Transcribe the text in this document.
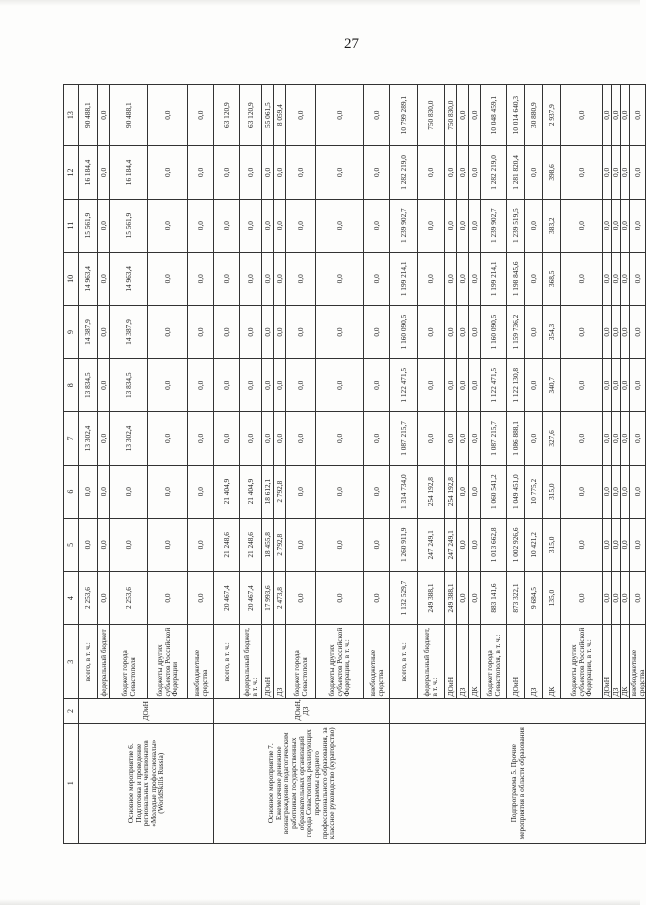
27
1	2	3	4	5	6	7	8	9	10	11	12	13
Основное мероприятие 6. Подготовка и проведение региональных чемпионатов «Молодые профессионалы» (WorldSkills Russia)	ДОиН	всего, в т. ч.:	2 253,6	0,0	0,0	13 302,4	13 834,5	14 387,9	14 963,4	15 561,9	16 184,4	90 488,1
		федеральный бюджет	0,0	0,0	0,0	0,0	0,0	0,0	0,0	0,0	0,0	0,0
		бюджет города Севастополя	2 253,6	0,0	0,0	13 302,4	13 834,5	14 387,9	14 963,4	15 561,9	16 184,4	90 488,1
		бюджеты других субъектов Российской Федерации	0,0	0,0	0,0	0,0	0,0	0,0	0,0	0,0	0,0	0,0
		внебюджетные средства	0,0	0,0	0,0	0,0	0,0	0,0	0,0	0,0	0,0	0,0
Основное мероприятие 7. Ежемесячное денежное вознаграждение педагогическим работникам государственных образовательных организаций города Севастополя, реализующих программы среднего профессионального образования, за классное руководство (кураторство)	ДОиН, ДЗ	всего, в т. ч.:	20 467,4	21 248,6	21 404,9	0,0	0,0	0,0	0,0	0,0	0,0	63 120,9
		федеральный бюджет, в т. ч.:	20 467,4	21 248,6	21 404,9	0,0	0,0	0,0	0,0	0,0	0,0	63 120,9
		ДОиН	17 993,6	18 455,8	18 612,1	0,0	0,0	0,0	0,0	0,0	0,0	55 061,5
		ДЗ	2 473,8	2 792,8	2 792,8	0,0	0,0	0,0	0,0	0,0	0,0	8 059,4
		бюджет города Севастополя	0,0	0,0	0,0	0,0	0,0	0,0	0,0	0,0	0,0	0,0
		бюджеты других субъектов Российской Федерации, в т. ч.:	0,0	0,0	0,0	0,0	0,0	0,0	0,0	0,0	0,0	0,0
		внебюджетные средства	0,0	0,0	0,0	0,0	0,0	0,0	0,0	0,0	0,0	0,0
Подпрограмма 5. Прочие мероприятия в области образования		всего, в т. ч.:	1 132 529,7	1 260 911,9	1 314 734,0	1 087 215,7	1 122 471,5	1 160 090,5	1 199 214,1	1 239 902,7	1 282 219,0	10 799 289,1
		федеральный бюджет, в т. ч.:	249 388,1	247 249,1	254 192,8	0,0	0,0	0,0	0,0	0,0	0,0	750 830,0
		ДОиН	249 388,1	247 249,1	254 192,8	0,0	0,0	0,0	0,0	0,0	0,0	750 830,0
		ДЗ	0,0	0,0	0,0	0,0	0,0	0,0	0,0	0,0	0,0	0,0
		ДК	0,0	0,0	0,0	0,0	0,0	0,0	0,0	0,0	0,0	0,0
		бюджет города Севастополя, в т. ч.:	883 141,6	1 013 662,8	1 060 541,2	1 087 215,7	1 122 471,5	1 160 090,5	1 199 214,1	1 239 902,7	1 282 219,0	10 048 459,1
		ДОиН	873 322,1	1 002 926,6	1 049 451,0	1 086 888,1	1 122 130,8	1 159 736,2	1 198 845,6	1 239 519,5	1 281 820,4	10 014 640,3
		ДЗ	9 684,5	10 421,2	10 775,2	0,0	0,0	0,0	0,0	0,0	0,0	30 880,9
		ДК	135,0	315,0	315,0	327,6	340,7	354,3	368,5	383,2	398,6	2 937,9
		бюджеты других субъектов Российской Федерации, в т. ч.:	0,0	0,0	0,0	0,0	0,0	0,0	0,0	0,0	0,0	0,0
		ДОиН	0,0	0,0	0,0	0,0	0,0	0,0	0,0	0,0	0,0	0,0
		ДЗ	0,0	0,0	0,0	0,0	0,0	0,0	0,0	0,0	0,0	0,0
		ДК	0,0	0,0	0,0	0,0	0,0	0,0	0,0	0,0	0,0	0,0
		внебюджетные средства	0,0	0,0	0,0	0,0	0,0	0,0	0,0	0,0	0,0	0,0
